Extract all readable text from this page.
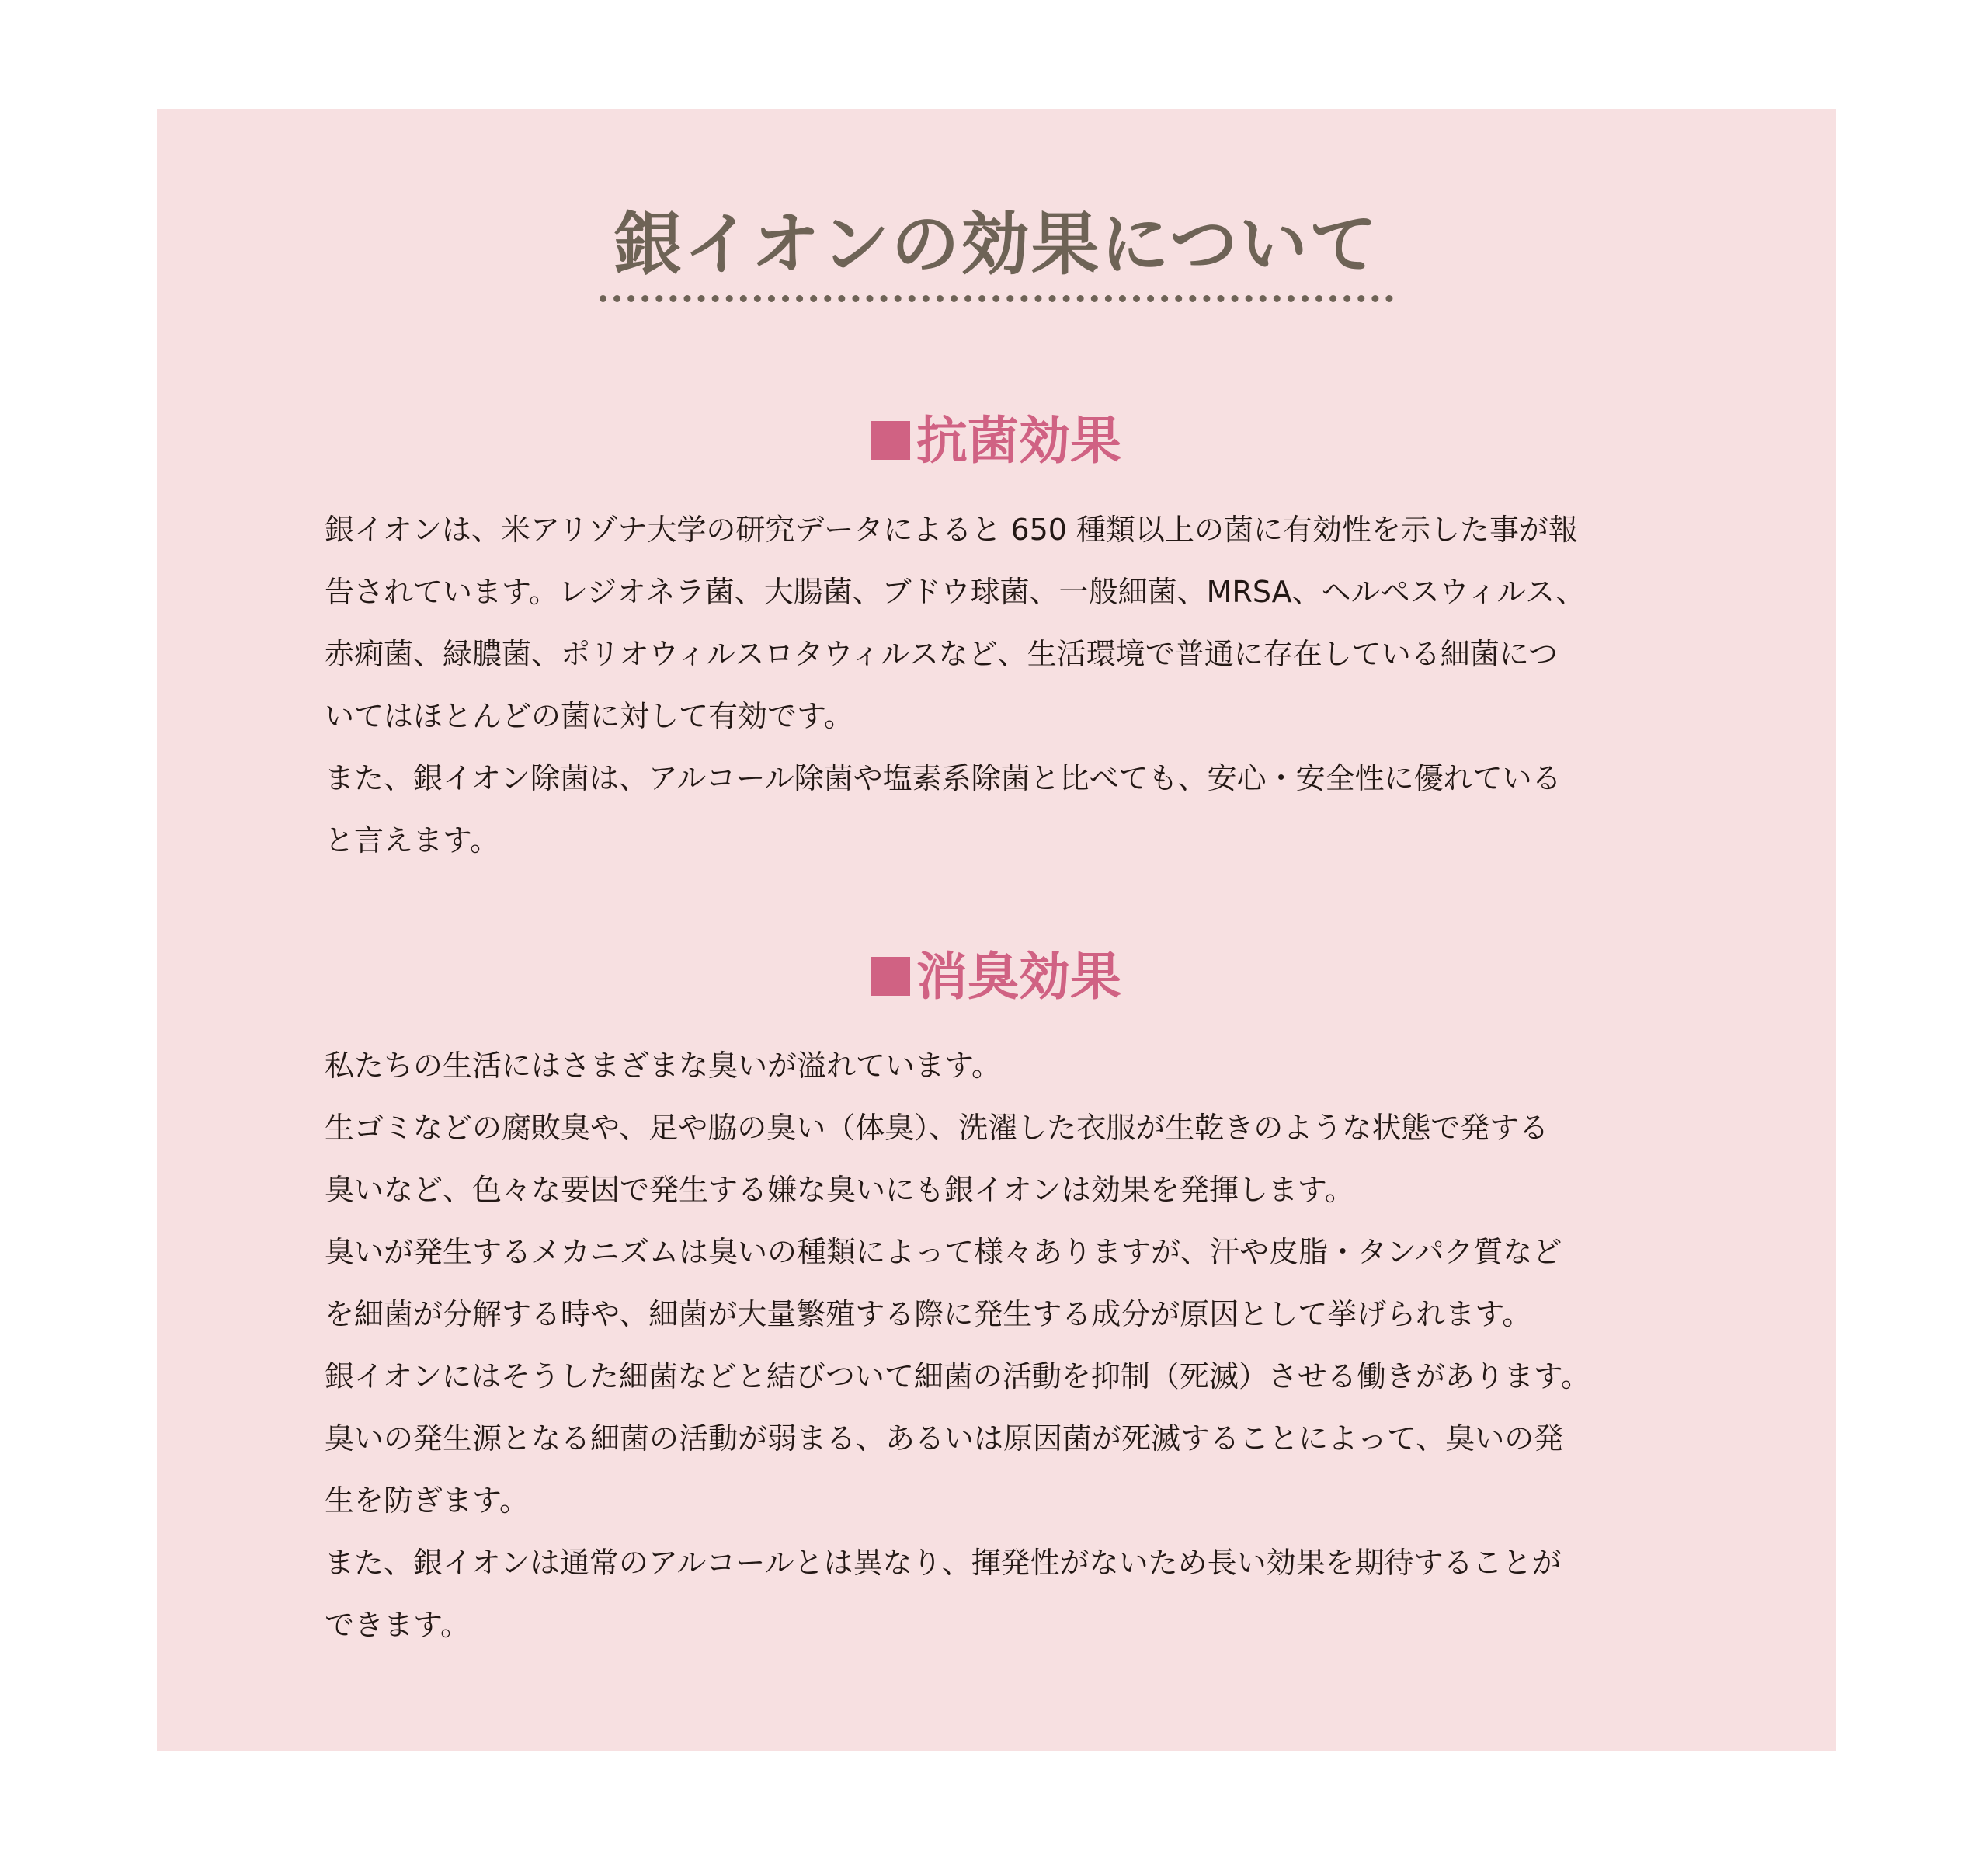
銀イオンの効果について
抗菌効果
銀イオンは、米アリゾナ大学の研究データによると 650 種類以上の菌に有効性を示した事が報
告されています。レジオネラ菌、大腸菌、ブドウ球菌、一般細菌、MRSA、ヘルペスウィルス、
赤痢菌、緑膿菌、ポリオウィルスロタウィルスなど、生活環境で普通に存在している細菌につ
いてはほとんどの菌に対して有効です。
また、銀イオン除菌は、アルコール除菌や塩素系除菌と比べても、安心・安全性に優れている
と言えます。
消臭効果
私たちの生活にはさまざまな臭いが溢れています。
生ゴミなどの腐敗臭や、足や脇の臭い（体臭）、洗濯した衣服が生乾きのような状態で発する
臭いなど、色々な要因で発生する嫌な臭いにも銀イオンは効果を発揮します。
臭いが発生するメカニズムは臭いの種類によって様々ありますが、汗や皮脂・タンパク質など
を細菌が分解する時や、細菌が大量繁殖する際に発生する成分が原因として挙げられます。
銀イオンにはそうした細菌などと結びついて細菌の活動を抑制（死滅）させる働きがあります。
臭いの発生源となる細菌の活動が弱まる、あるいは原因菌が死滅することによって、臭いの発
生を防ぎます。
また、銀イオンは通常のアルコールとは異なり、揮発性がないため長い効果を期待することが
できます。
